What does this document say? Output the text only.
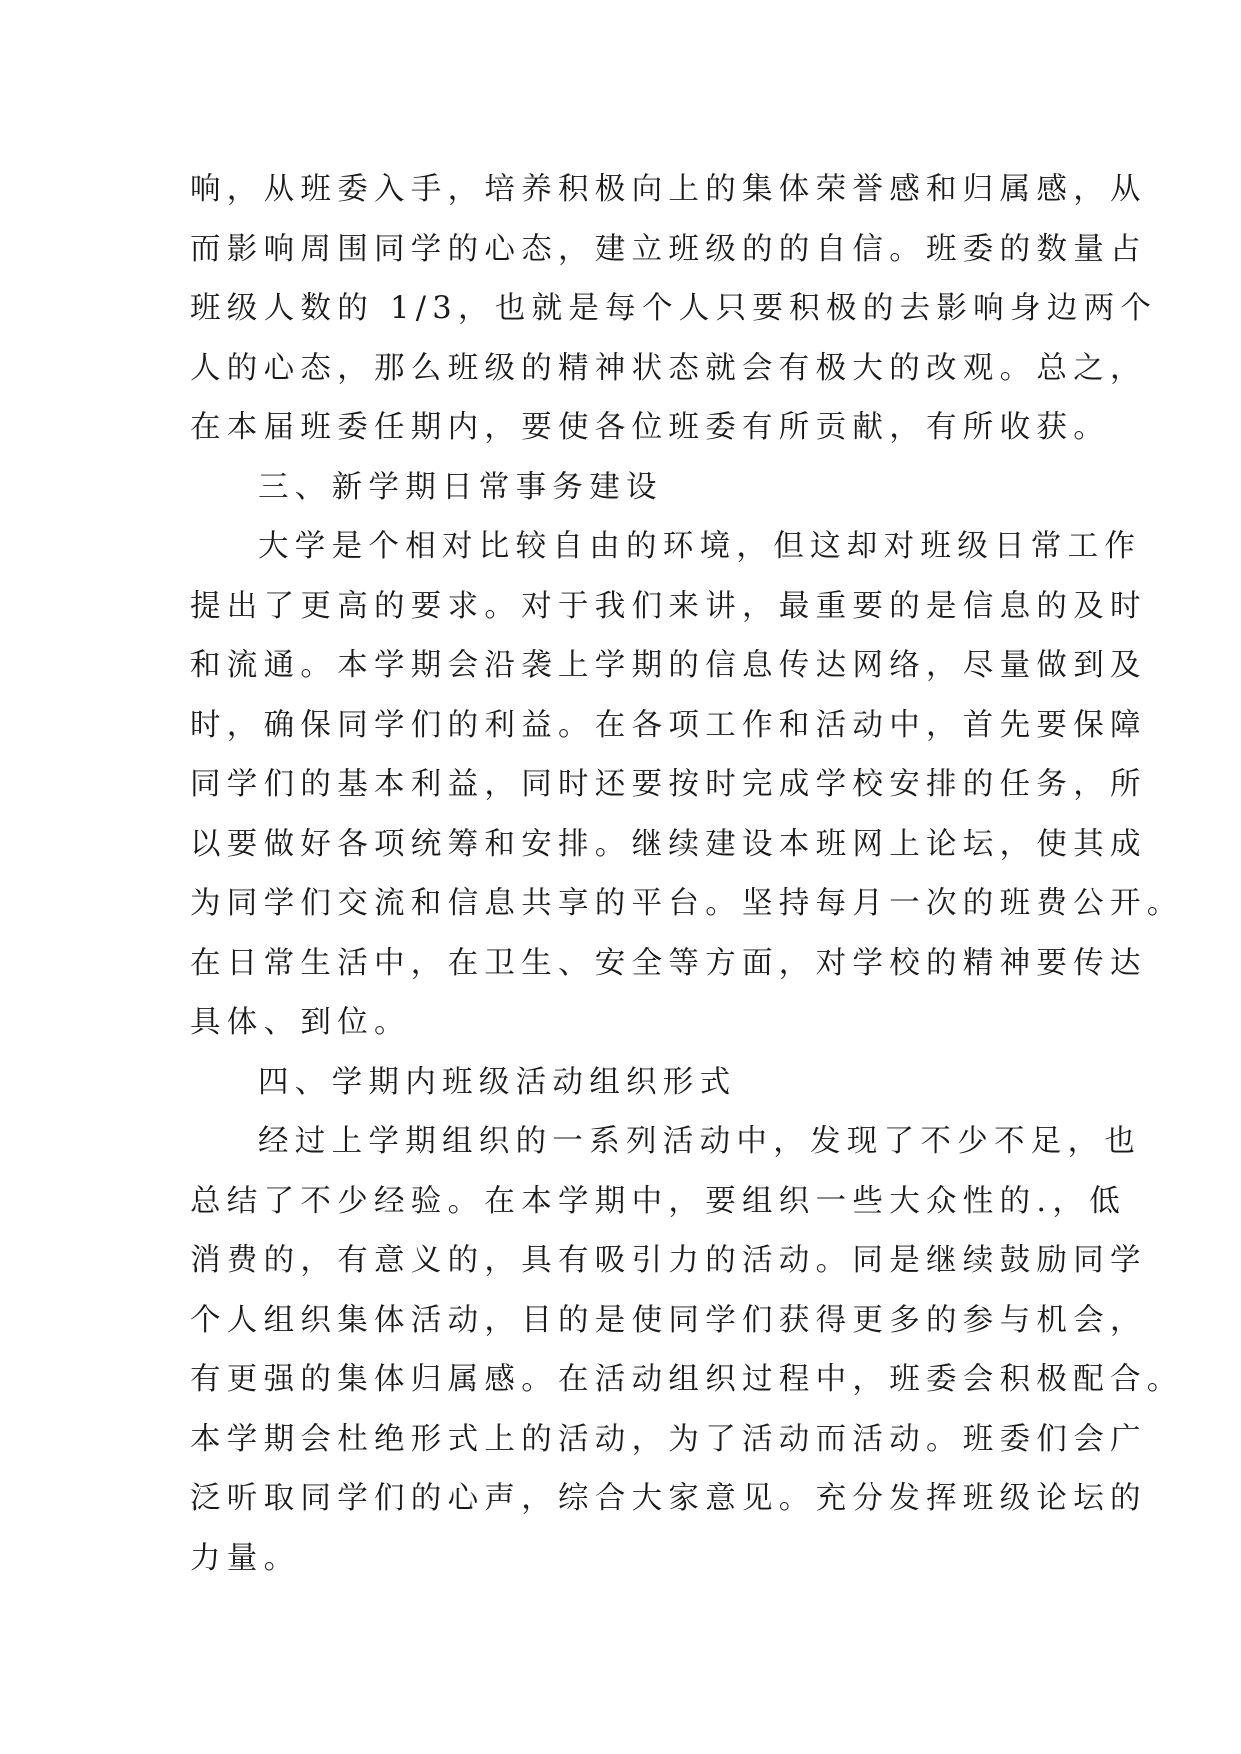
响，从班委入手，培养积极向上的集体荣誉感和归属感，从
而影响周围同学的心态，建立班级的的自信。班委的数量占
班级人数的 1/3，也就是每个人只要积极的去影响身边两个
人的心态，那么班级的精神状态就会有极大的改观。总之，
在本届班委任期内，要使各位班委有所贡献，有所收获。
三、新学期日常事务建设
大学是个相对比较自由的环境，但这却对班级日常工作
提出了更高的要求。对于我们来讲，最重要的是信息的及时
和流通。本学期会沿袭上学期的信息传达网络，尽量做到及
时，确保同学们的利益。在各项工作和活动中，首先要保障
同学们的基本利益，同时还要按时完成学校安排的任务，所
以要做好各项统筹和安排。继续建设本班网上论坛，使其成
为同学们交流和信息共享的平台。坚持每月一次的班费公开。
在日常生活中，在卫生、安全等方面，对学校的精神要传达
具体、到位。
四、学期内班级活动组织形式
经过上学期组织的一系列活动中，发现了不少不足，也
总结了不少经验。在本学期中，要组织一些大众性的.，低
消费的，有意义的，具有吸引力的活动。同是继续鼓励同学
个人组织集体活动，目的是使同学们获得更多的参与机会，
有更强的集体归属感。在活动组织过程中，班委会积极配合。
本学期会杜绝形式上的活动，为了活动而活动。班委们会广
泛听取同学们的心声，综合大家意见。充分发挥班级论坛的
力量。
